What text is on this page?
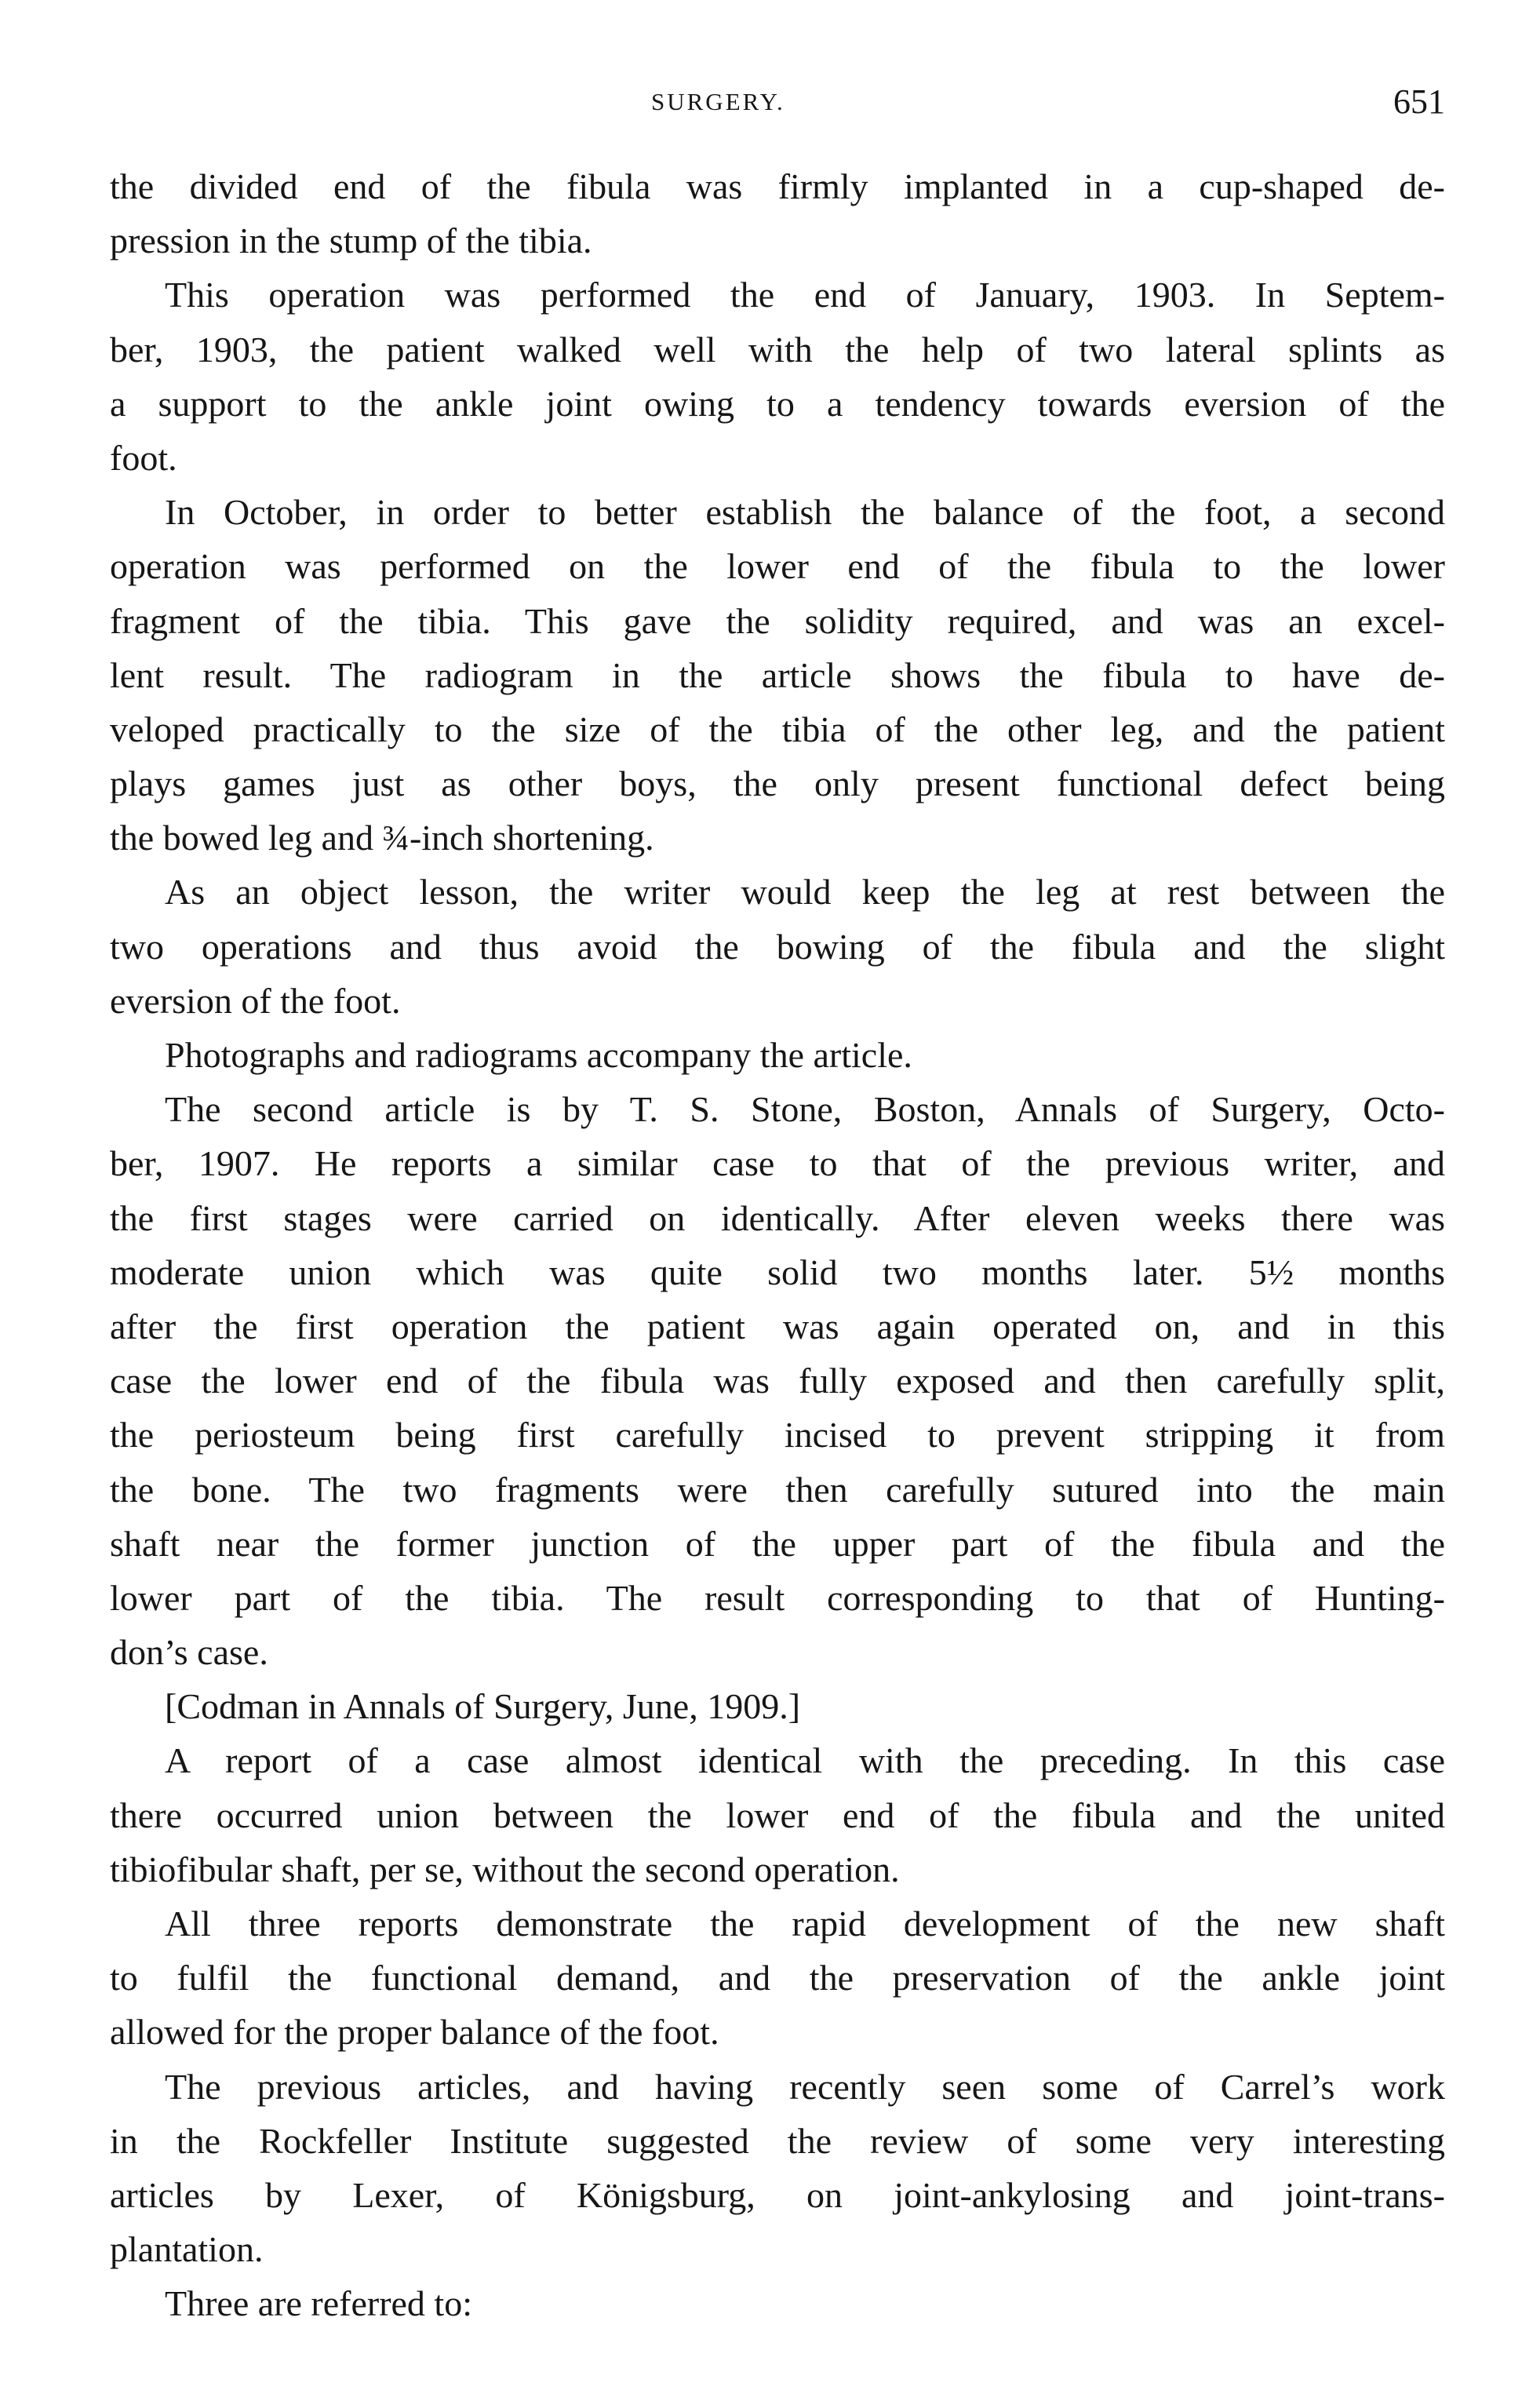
SURGERY.	651
the divided end of the fibula was firmly implanted in a cup-shaped de-
pression in the stump of the tibia.
This operation was performed the end of January, 1903. In Septem-
ber, 1903, the patient walked well with the help of two lateral splints as
a support to the ankle joint owing to a tendency towards eversion of the
foot.
In October, in order to better establish the balance of the foot, a second
operation was performed on the lower end of the fibula to the lower
fragment of the tibia. This gave the solidity required, and was an excel-
lent result. The radiogram in the article shows the fibula to have de-
veloped practically to the size of the tibia of the other leg, and the patient
plays games just as other boys, the only present functional defect being
the bowed leg and ¾-inch shortening.
As an object lesson, the writer would keep the leg at rest between the
two operations and thus avoid the bowing of the fibula and the slight
eversion of the foot.
Photographs and radiograms accompany the article.
The second article is by T. S. Stone, Boston, Annals of Surgery, Octo-
ber, 1907. He reports a similar case to that of the previous writer, and
the first stages were carried on identically. After eleven weeks there was
moderate union which was quite solid two months later. 5½ months
after the first operation the patient was again operated on, and in this
case the lower end of the fibula was fully exposed and then carefully split,
the periosteum being first carefully incised to prevent stripping it from
the bone. The two fragments were then carefully sutured into the main
shaft near the former junction of the upper part of the fibula and the
lower part of the tibia. The result corresponding to that of Hunting-
don’s case.
[Codman in Annals of Surgery, June, 1909.]
A report of a case almost identical with the preceding. In this case
there occurred union between the lower end of the fibula and the united
tibiofibular shaft, per se, without the second operation.
All three reports demonstrate the rapid development of the new shaft
to fulfil the functional demand, and the preservation of the ankle joint
allowed for the proper balance of the foot.
The previous articles, and having recently seen some of Carrel’s work
in the Rockfeller Institute suggested the review of some very interesting
articles by Lexer, of Königsburg, on joint-ankylosing and joint-trans-
plantation.
Three are referred to:
